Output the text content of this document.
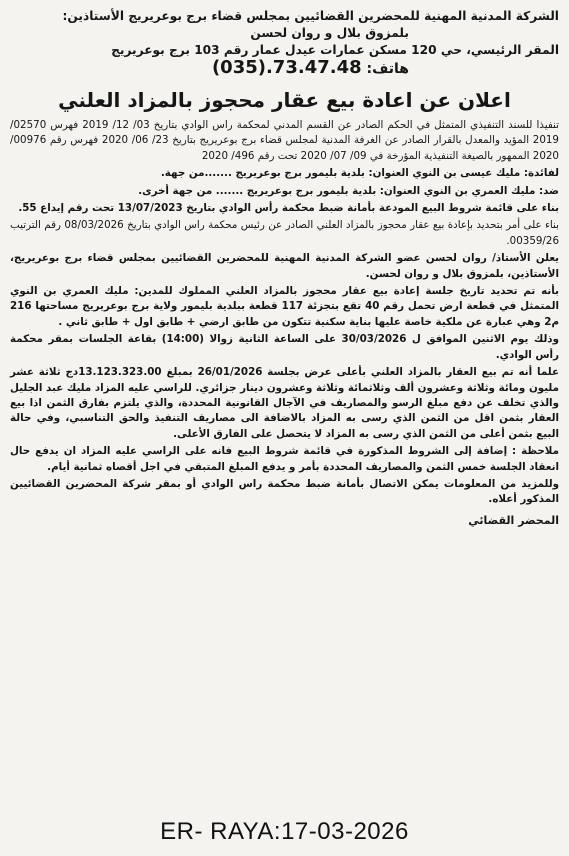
الشركة المدنية المهنية للمحضرين القضائيين بمجلس قضاء برج بوعريريج الأستاذين:
بلمزوق بلال و روان لحسن
المقر الرئيسي، حي 120 مسكن عمارات عيدل عمار رقم 103 برج بوعريريج
هاتف: (035).73.47.48
اعلان عن اعادة بيع عقار محجوز بالمزاد العلني

تنفيذا للسند التنفيذي المتمثل في الحكم الصادر عن القسم المدني لمحكمة راس الوادي بتاريخ 03/ 12/ 2019 فهرس 02570/ 2019 المؤيد والمعدل بالقرار الصادر عن الغرفة المدنية لمجلس قضاء برج بوعريريج بتاريخ 23/ 06/ 2020 فهرس رقم 00976/ 2020 الممهور بالصيغة التنفيذية المؤرخة في 09/ 07/ 2020 تحت رقم 496/ 2020

لفائدة: مليك عيسى بن النوي العنوان: بلدية بليمور برج بوعريريج .......من جهة.

ضد: مليك العمري بن النوي العنوان: بلدية بليمور برج بوعريريج ....... من جهة أخرى.

بناء على قائمة شروط البيع المودعة بأمانة ضبط محكمة رأس الوادي بتاريخ 13/07/2023 تحت رقم إيداع 55.

بناء على أمر بتحديد بإعادة بيع عقار محجوز بالمزاد العلني الصادر عن رئيس محكمة راس الوادي بتاريخ 08/03/2026 رقم الترتيب 00359/26.

يعلن الأستاذ/ روان لحسن عضو الشركة المدنية المهنية للمحضرين القضائيين بمجلس قضاء برج بوعريريج، الأستاذين، بلمزوق بلال و روان لحسن.

بأنه تم تحديد تاريخ جلسة إعادة بيع عقار محجوز بالمزاد العلني المملوك للمدين: مليك العمري بن النوي المتمثل في قطعة ارض تحمل رقم 40 تقع بتجزئة 117 قطعة ببلدية بليمور ولاية برج بوعريريج مساحتها 216 م2 وهي عبارة عن ملكية خاصة عليها بناية سكنية تتكون من طابق ارضي + طابق اول + طابق ثاني .

وذلك يوم الاثنين الموافق ل 30/03/2026 على الساعة الثانية زوالا (14:00) بقاعة الجلسات بمقر محكمة رأس الوادي.

علما أنه تم بيع العقار بالمزاد العلني بأعلى عرض بجلسة 26/01/2026 بمبلغ 13.123.323.00دج ثلاثة عشر مليون ومائة وثلاثة وعشرون ألف وثلاثمائة وثلاثة وعشرون دينار جزائري. للراسي عليه المزاد مليك عبد الجليل والذي تخلف عن دفع مبلغ الرسو والمصاريف في الآجال القانونية المحددة، والذي يلتزم بفارق الثمن اذا بيع العقار بثمن اقل من الثمن الذي رسى به المزاد بالاضافة الى مصاريف التنفيذ والحق التناسبي، وفي حالة البيع بثمن أعلى من الثمن الذي رسى به المزاد لا يتحصل على الفارق الأعلى.

ملاحظة : إضافة إلى الشروط المذكورة في قائمة شروط البيع فانه على الراسي عليه المزاد ان يدفع حال انعقاد الجلسة خمس الثمن والمصاريف المحددة بأمر و يدفع المبلغ المتبقي في اجل أقصاه ثمانية أيام.

وللمزيد من المعلومات يمكن الاتصال بأمانة ضبط محكمة راس الوادي أو بمقر شركة المحضرين القضائيين المذكور أعلاه.

المحضر القضائي
ER- RAYA:17-03-2026
